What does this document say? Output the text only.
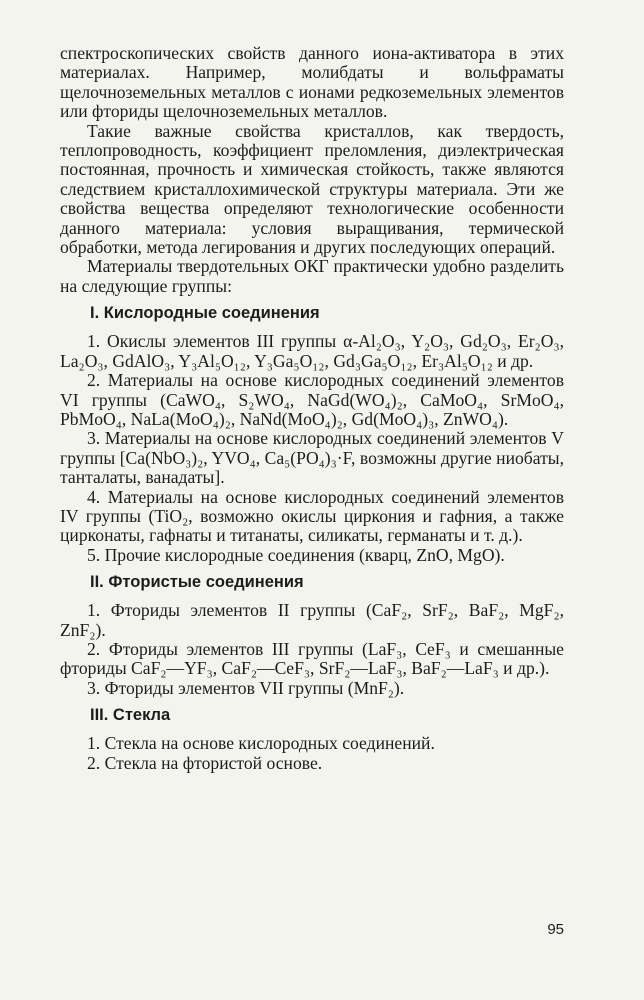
спектроскопических свойств данного иона-активатора в этих материалах. Например, молибдаты и вольфраматы щелочноземельных металлов с ионами редкоземельных элементов или фториды щелочноземельных металлов.

Такие важные свойства кристаллов, как твердость, теплопроводность, коэффициент преломления, диэлектрическая постоянная, прочность и химическая стойкость, также являются следствием кристаллохимической структуры материала. Эти же свойства вещества определяют технологические особенности данного материала: условия выращивания, термической обработки, метода легирования и других последующих операций.

Материалы твердотельных ОКГ практически удобно разделить на следующие группы:

I. Кислородные соединения

1. Окислы элементов III группы α-Al₂O₃, Y₂O₃, Gd₂O₃, Er₂O₃, La₂O₃, GdAlO₃, Y₃Al₅O₁₂, Y₃Ga₅O₁₂, Gd₃Ga₅O₁₂, Er₃Al₅O₁₂ и др.

2. Материалы на основе кислородных соединений элементов VI группы (CaWO₄, S₂WO₄, NaGd(WO₄)₂, CaMoO₄, SrMoO₄, PbMoO₄, NaLa(MoO₄)₂, NaNd(MoO₄)₂, Gd(MoO₄)₃, ZnWO₄).

3. Материалы на основе кислородных соединений элементов V группы [Ca(NbO₃)₂, YVO₄, Ca₅(PO₄)₃·F, возможны другие ниобаты, танталаты, ванадаты].

4. Материалы на основе кислородных соединений элементов IV группы (TiO₂, возможно окислы циркония и гафния, а также цирконаты, гафнаты и титанаты, силикаты, германаты и т. д.).

5. Прочие кислородные соединения (кварц, ZnO, MgO).

II. Фтористые соединения

1. Фториды элементов II группы (CaF₂, SrF₂, BaF₂, MgF₂, ZnF₂).

2. Фториды элементов III группы (LaF₃, CeF₃ и смешанные фториды CaF₂—YF₃, CaF₂—CeF₃, SrF₂—LaF₃, BaF₂—LaF₃ и др.).

3. Фториды элементов VII группы (MnF₂).

III. Стекла

1. Стекла на основе кислородных соединений.

2. Стекла на фтористой основе.

95
